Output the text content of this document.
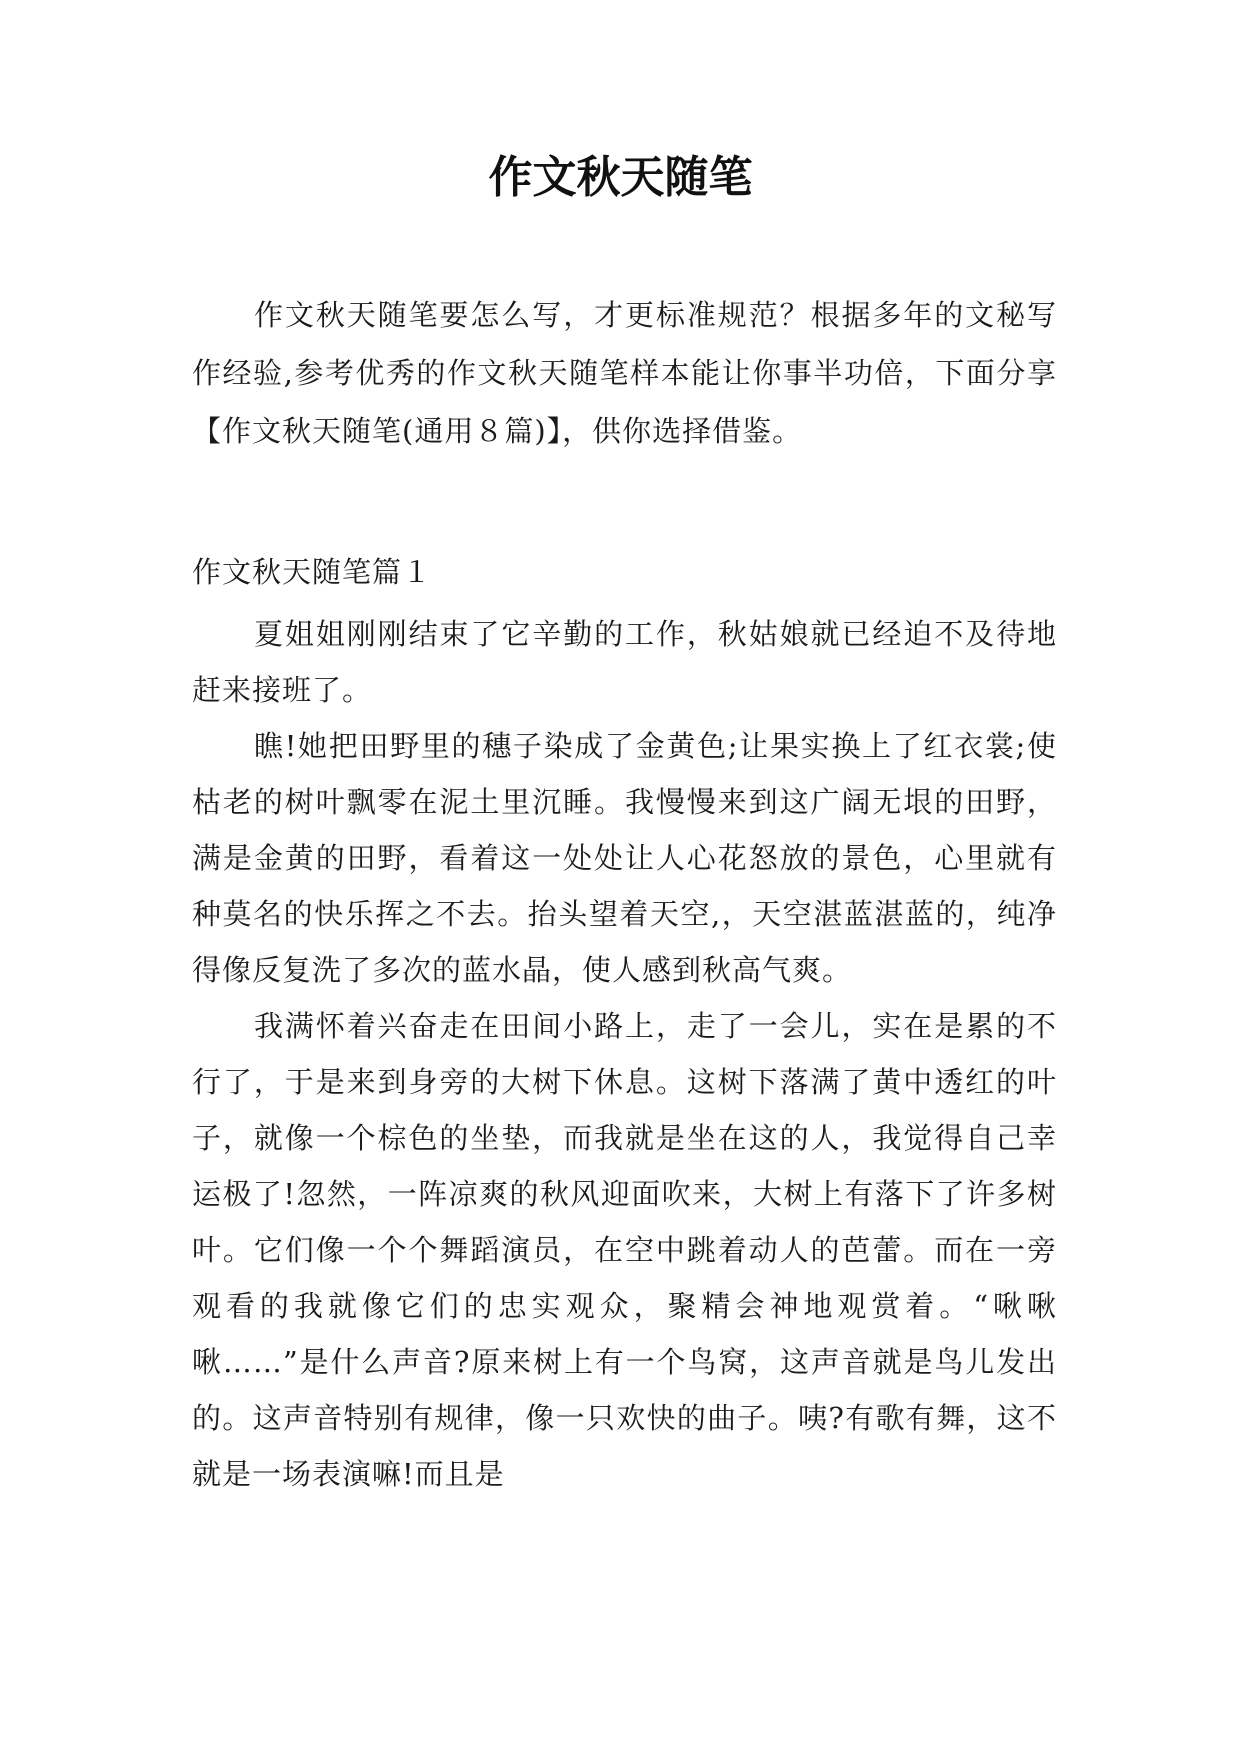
作文秋天随笔

作文秋天随笔要怎么写，才更标准规范？根据多年的文秘写作经验,参考优秀的作文秋天随笔样本能让你事半功倍，下面分享【作文秋天随笔(通用８篇)】，供你选择借鉴。

作文秋天随笔篇１

夏姐姐刚刚结束了它辛勤的工作，秋姑娘就已经迫不及待地赶来接班了。

瞧!她把田野里的穗子染成了金黄色;让果实换上了红衣裳;使枯老的树叶飘零在泥土里沉睡。我慢慢来到这广阔无垠的田野，满是金黄的田野，看着这一处处让人心花怒放的景色，心里就有种莫名的快乐挥之不去。抬头望着天空,，天空湛蓝湛蓝的，纯净得像反复洗了多次的蓝水晶，使人感到秋高气爽。

我满怀着兴奋走在田间小路上，走了一会儿，实在是累的不行了，于是来到身旁的大树下休息。这树下落满了黄中透红的叶子，就像一个棕色的坐垫，而我就是坐在这的人，我觉得自己幸运极了!忽然，一阵凉爽的秋风迎面吹来，大树上有落下了许多树叶。它们像一个个舞蹈演员，在空中跳着动人的芭蕾。而在一旁观看的我就像它们的忠实观众，聚精会神地观赏着。“啾啾啾……”是什么声音?原来树上有一个鸟窝，这声音就是鸟儿发出的。这声音特别有规律，像一只欢快的曲子。咦?有歌有舞，这不就是一场表演嘛!而且是
